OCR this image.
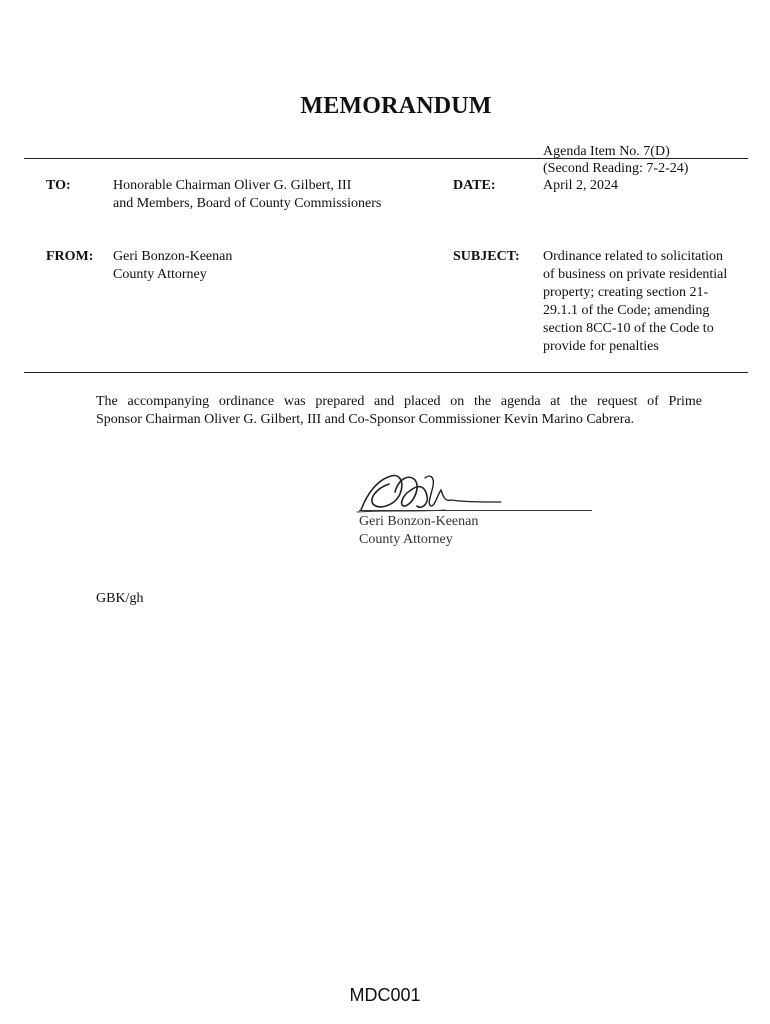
MEMORANDUM
Agenda Item No. 7(D)
(Second Reading: 7-2-24)
TO:	Honorable Chairman Oliver G. Gilbert, III
and Members, Board of County Commissioners
DATE:	April 2, 2024
FROM: Geri Bonzon-Keenan
County Attorney
SUBJECT: Ordinance related to solicitation
of business on private residential
property; creating section 21-
29.1.1 of the Code; amending
section 8CC-10 of the Code to
provide for penalties
The accompanying ordinance was prepared and placed on the agenda at the request of Prime
Sponsor Chairman Oliver G. Gilbert, III and Co-Sponsor Commissioner Kevin Marino Cabrera.
Geri Bonzon-Keenan
County Attorney
GBK/gh
MDC001
